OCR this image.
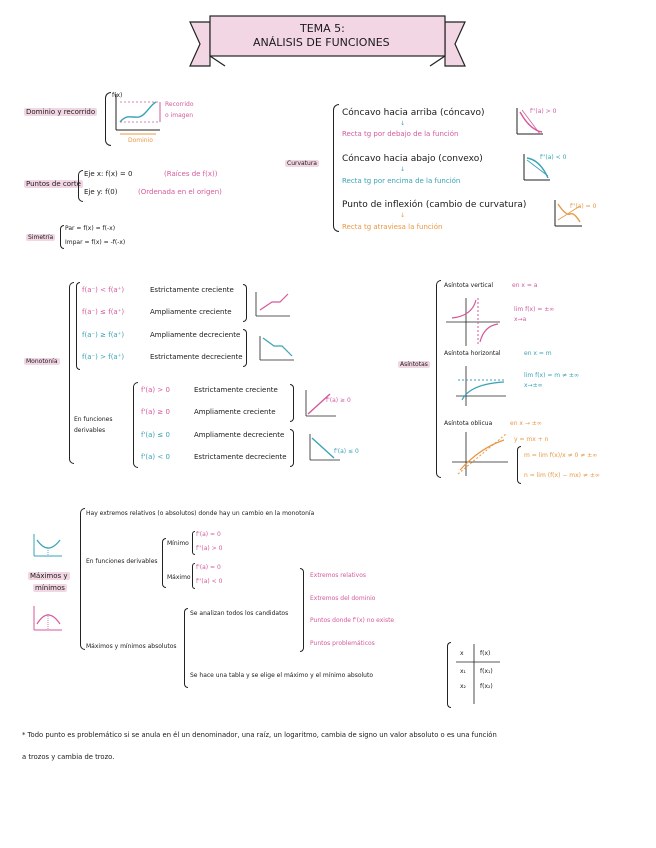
TEMA 5:
ANÁLISIS DE FUNCIONES
Dominio y recorrido
f(x)
Recorrido
o imagen
Dominio
Puntos de corte
Eje x: f(x) = 0	(Raíces de f(x))
Eje y: f(0)	(Ordenada en el origen)
Simetría
Par = f(x) = f(-x)
Impar = f(x) = -f(-x)
Curvatura
Cóncavo hacia arriba (cóncavo)
↓
Recta tg por debajo de la función
Cóncavo hacia abajo (convexo)
↓
Recta tg por encima de la función
Punto de inflexión (cambio de curvatura)
↓
Recta tg atraviesa la función
f''(a) > 0
f''(a) < 0
f''(a) = 0
Monotonía
f(a⁻) < f(a⁺)	Estrictamente creciente
f(a⁻) ≤ f(a⁺)	Ampliamente creciente
f(a⁻) ≥ f(a⁺)	Ampliamente decreciente
f(a⁻) > f(a⁺)	Estrictamente decreciente
En funciones
derivables
f'(a) > 0	Estrictamente creciente
f'(a) ≥ 0	Ampliamente creciente
f'(a) ≤ 0	Ampliamente decreciente
f'(a) < 0	Estrictamente decreciente
f'(a) ≥ 0
f'(a) ≤ 0
Asíntotas
Asíntota vertical	en x = a
lim f(x) = ±∞
x→a
Asíntota horizontal	en x = m
lim f(x) = m ≠ ±∞
x→±∞
Asíntota oblicua	en x → ±∞
y = mx + n
m = lim f(x)/x ≠ 0 ≠ ±∞
n = lim (f(x) − mx) ≠ ±∞
Máximos y
mínimos
Hay extremos relativos (o absolutos) donde hay un cambio en la monotonía
En funciones derivables
Mínimo
f'(a) = 0
f''(a) > 0
Máximo
f'(a) = 0
f''(a) < 0
Máximos y mínimos absolutos
Se analizan todos los candidatos
Extremos relativos
Extremos del dominio
Puntos donde f'(x) no existe
Puntos problemáticos
Se hace una tabla y se elige el máximo y el mínimo absoluto
x	f(x)
x₁ f(x₁)
x₂ f(x₂)
* Todo punto es problemático si se anula en él un denominador, una raíz, un logaritmo, cambia de signo un valor absoluto o es una función
a trozos y cambia de trozo.
